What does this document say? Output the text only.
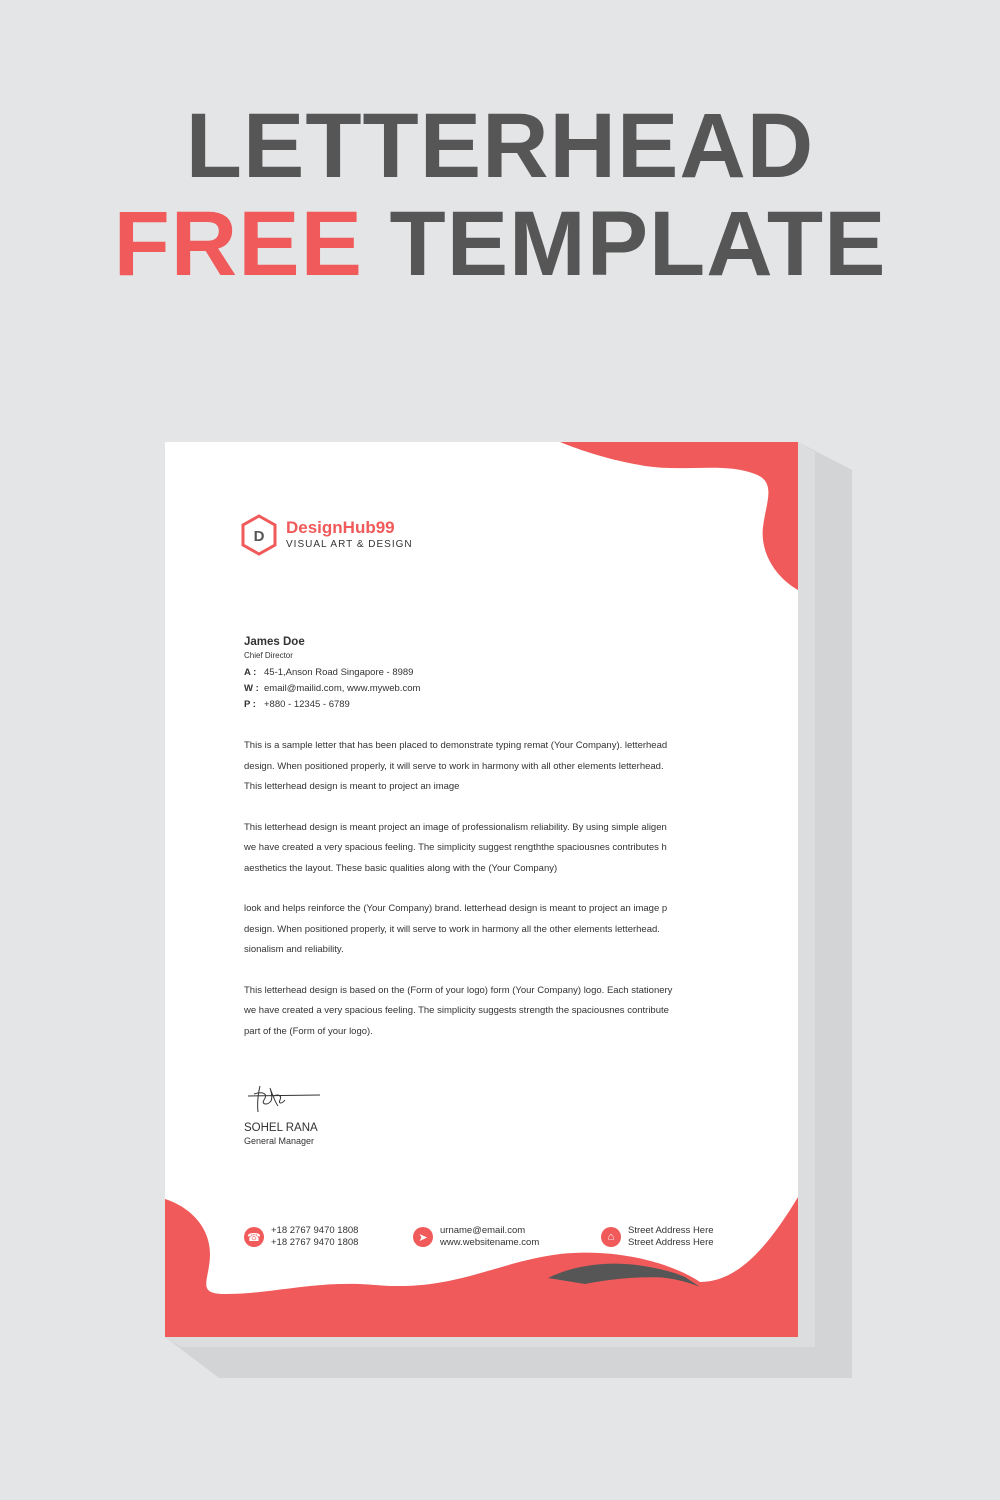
LETTERHEAD
FREE TEMPLATE
D DesignHub99
VISUAL ART & DESIGN
James Doe
Chief Director
A : 45-1,Anson Road Singapore - 8989
W : email@mailid.com, www.myweb.com
P : +880 - 12345 - 6789
This is a sample letter that has been placed to demonstrate typing remat (Your Company). letterhead
design. When positioned properly, it will serve to work in harmony with all other elements letterhead.
This letterhead design is meant to project an image
This letterhead design is meant project an image of professionalism reliability. By using simple aligen
we have created a very spacious feeling. The simplicity suggest rengththe spaciousnes contributes h
aesthetics the layout. These basic qualities along with the (Your Company)
look and helps reinforce the (Your Company) brand. letterhead design is meant to project an image p
design. When positioned properly, it will serve to work in harmony all the other elements letterhead.
sionalism and reliability.
This letterhead design is based on the (Form of your logo) form (Your Company) logo. Each stationery
we have created a very spacious feeling. The simplicity suggests strength the spaciousnes contribute
part of the (Form of your logo).
SOHEL RANA
General Manager
☎
+18 2767 9470 1808
+18 2767 9470 1808	➤
urname@email.com
www.websitename.com	⌂
Street Address Here
Street Address Here
